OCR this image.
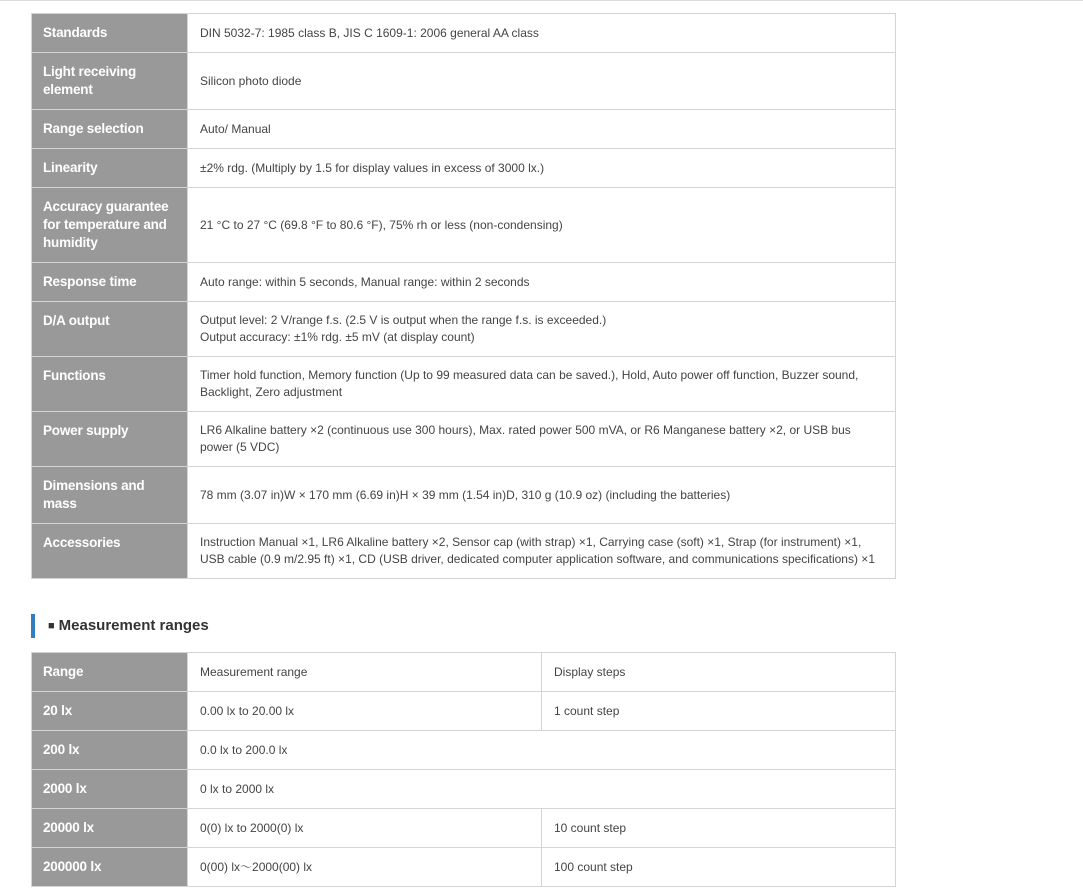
Standards	DIN 5032-7: 1985 class B, JIS C 1609-1: 2006 general AA class
Light receiving element	Silicon photo diode
Range selection	Auto/ Manual
Linearity	±2% rdg. (Multiply by 1.5 for display values in excess of 3000 lx.)
Accuracy guarantee for temperature and humidity	21 °C to 27 °C (69.8 °F to 80.6 °F), 75% rh or less (non-condensing)
Response time	Auto range: within 5 seconds, Manual range: within 2 seconds
D/A output	Output level: 2 V/range f.s. (2.5 V is output when the range f.s. is exceeded.)
Output accuracy: ±1% rdg. ±5 mV (at display count)

Functions	Timer hold function, Memory function (Up to 99 measured data can be saved.), Hold, Auto power off function, Buzzer sound, Backlight, Zero adjustment
Power supply	LR6 Alkaline battery ×2 (continuous use 300 hours), Max. rated power 500 mVA, or R6 Manganese battery ×2, or USB bus power (5 VDC)
Dimensions and mass	78 mm (3.07 in)W × 170 mm (6.69 in)H × 39 mm (1.54 in)D, 310 g (10.9 oz) (including the batteries)
Accessories	Instruction Manual ×1, LR6 Alkaline battery ×2, Sensor cap (with strap) ×1, Carrying case (soft) ×1, Strap (for instrument) ×1, USB cable (0.9 m/2.95 ft) ×1, CD (USB driver, dedicated computer application software, and communications specifications) ×1
■ Measurement ranges
Range	Measurement range	Display steps
20 lx	0.00 lx to 20.00 lx	1 count step
200 lx	0.0 lx to 200.0 lx	
2000 lx	0 lx to 2000 lx	
20000 lx	0(0) lx to 2000(0) lx	10 count step
200000 lx	0(00) lx〜2000(00) lx	100 count step
